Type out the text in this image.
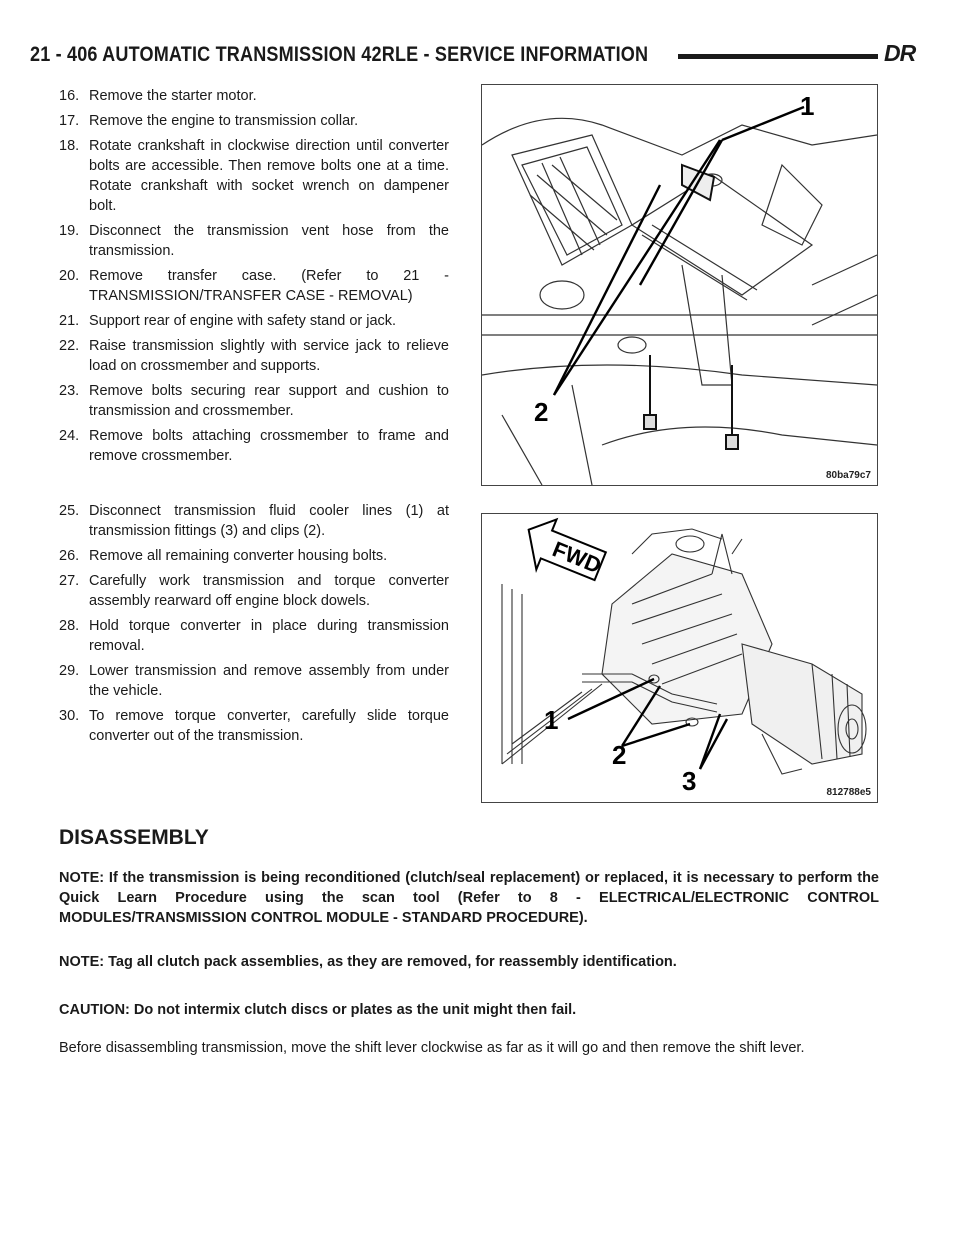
21 - 406 AUTOMATIC TRANSMISSION 42RLE - SERVICE INFORMATION	DR
16. Remove the starter motor.
17. Remove the engine to transmission collar.
18. Rotate crankshaft in clockwise direction until converter bolts are accessible. Then remove bolts one at a time. Rotate crankshaft with socket wrench on dampener bolt.
19. Disconnect the transmission vent hose from the transmission.
20. Remove transfer case. (Refer to 21 - TRANSMISSION/TRANSFER CASE - REMOVAL)
21. Support rear of engine with safety stand or jack.
22. Raise transmission slightly with service jack to relieve load on crossmember and supports.
23. Remove bolts securing rear support and cushion to transmission and crossmember.
24. Remove bolts attaching crossmember to frame and remove crossmember.
1
2
80ba79c7
25. Disconnect transmission fluid cooler lines (1) at transmission fittings (3) and clips (2).
26. Remove all remaining converter housing bolts.
27. Carefully work transmission and torque converter assembly rearward off engine block dowels.
28. Hold torque converter in place during transmission removal.
29. Lower transmission and remove assembly from under the vehicle.
30. To remove torque converter, carefully slide torque converter out of the transmission.
FWD
1
2
3	812788e5
DISASSEMBLY
NOTE: If the transmission is being reconditioned (clutch/seal replacement) or replaced, it is necessary to perform the Quick Learn Procedure using the scan tool (Refer to 8 - ELECTRICAL/ELECTRONIC CONTROL MODULES/TRANSMISSION CONTROL MODULE - STANDARD PROCEDURE).
NOTE: Tag all clutch pack assemblies, as they are removed, for reassembly identification.
CAUTION: Do not intermix clutch discs or plates as the unit might then fail.
Before disassembling transmission, move the shift lever clockwise as far as it will go and then remove the shift lever.
